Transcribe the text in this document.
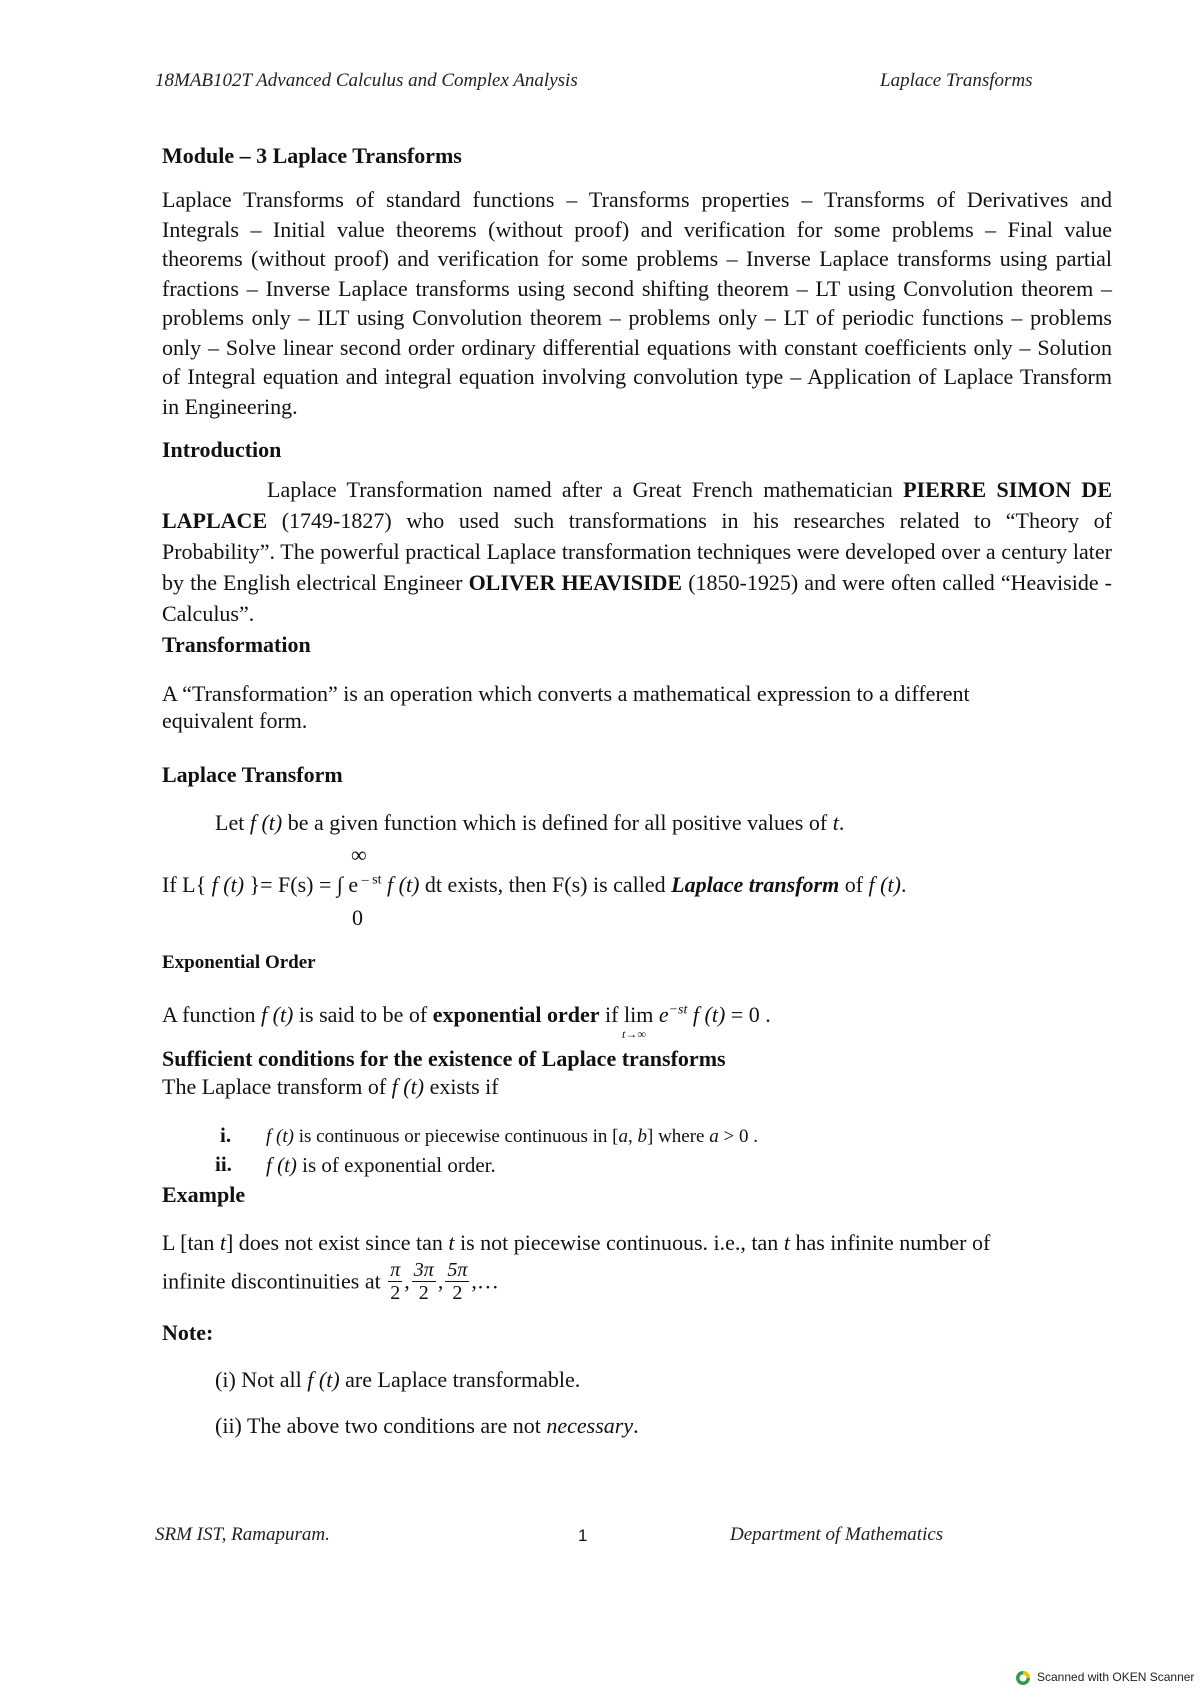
18MAB102T Advanced Calculus and Complex Analysis	Laplace Transforms
Module – 3 Laplace Transforms
Laplace Transforms of standard functions – Transforms properties – Transforms of Derivatives and Integrals – Initial value theorems (without proof) and verification for some problems – Final value theorems (without proof) and verification for some problems – Inverse Laplace transforms using partial fractions – Inverse Laplace transforms using second shifting theorem – LT using Convolution theorem – problems only – ILT using Convolution theorem – problems only – LT of periodic functions – problems only – Solve linear second order ordinary differential equations with constant coefficients only – Solution of Integral equation and integral equation involving convolution type – Application of Laplace Transform in Engineering.
Introduction
Laplace Transformation named after a Great French mathematician PIERRE SIMON DE LAPLACE (1749-1827) who used such transformations in his researches related to “Theory of Probability”. The powerful practical Laplace transformation techniques were developed over a century later by the English electrical Engineer OLIVER HEAVISIDE (1850-1925) and were often called “Heaviside - Calculus”.
Transformation
A “Transformation” is an operation which converts a mathematical expression to a different equivalent form.
Laplace Transform
Let f (t) be a given function which is defined for all positive values of t.
∞
If L{ f (t) }= F(s) = ∫ e $^{- st}$ f (t) dt exists, then F(s) is called Laplace transform of f (t).
0
Exponential Order
A function f (t) is said to be of exponential order if lim
t→∞
$e^{-st}$ f (t) = 0 .
Sufficient conditions for the existence of Laplace transforms
The Laplace transform of f (t) exists if
i. f (t) is continuous or piecewise continuous in [a, b] where a > 0 .
ii. f (t) is of exponential order.
Example
L [tan t] does not exist since tan t is not piecewise continuous. i.e., tan t has infinite number of
infinite discontinuities at $\frac{\pi}{2}$ , $\frac{3\pi}{2}$ , $\frac{5\pi}{2}$ ,…
Note:
(i) Not all f (t) are Laplace transformable.
(ii) The above two conditions are not necessary.
SRM IST, Ramapuram.	1	Department of Mathematics
Scanned with OKEN Scanner
